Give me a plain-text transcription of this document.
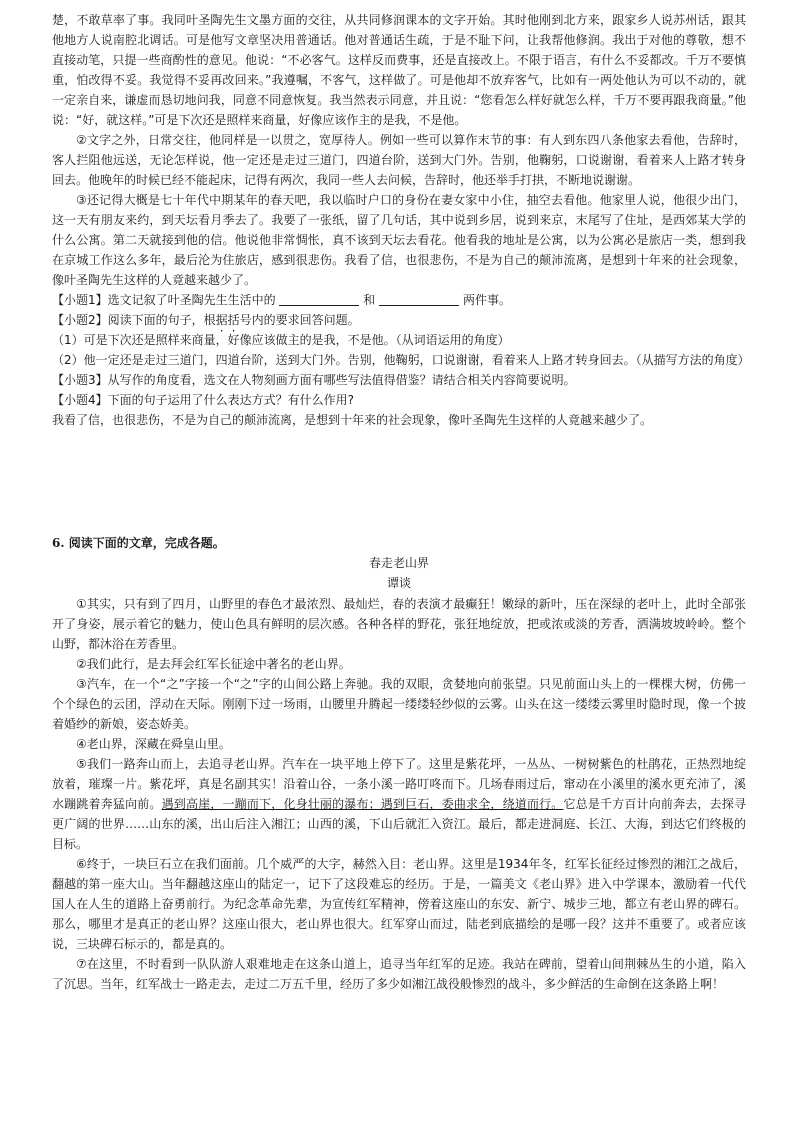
楚，不敢草率了事。我同叶圣陶先生文墨方面的交往，从共同修润课本的文字开始。其时他刚到北方来，跟家乡人说苏州话，跟其他地方人说南腔北调话。可是他写文章坚决用普通话。他对普通话生疏，于是不耻下问，让我帮他修润。我出于对他的尊敬，想不直接动笔，只提一些商酌性的意见。他说：“不必客气。这样反而费事，还是直接改上。不限于语言，有什么不妥都改。千万不要慎重，怕改得不妥。我觉得不妥再改回来。”我遵嘱，不客气，这样做了。可是他却不放弃客气，比如有一两处他认为可以不动的，就一定亲自来，谦虚而恳切地问我，同意不同意恢复。我当然表示同意，并且说：“您看怎么样好就怎么样，千万不要再跟我商量。”他说：“好，就这样。”可是下次还是照样来商量，好像应该作主的是我，不是他。

②文字之外，日常交往，他同样是一以贯之，宽厚待人。例如一些可以算作末节的事：有人到东四八条他家去看他，告辞时，客人拦阻他远送，无论怎样说，他一定还是走过三道门，四道台阶，送到大门外。告别，他鞠躬，口说谢谢，看着来人上路才转身回去。他晚年的时候已经不能起床，记得有两次，我同一些人去问候，告辞时，他还举手打拱，不断地说谢谢。

③还记得大概是七十年代中期某年的春天吧，我以临时户口的身份在妻女家中小住，抽空去看他。他家里人说，他很少出门，这一天有朋友来约，到天坛看月季去了。我要了一张纸，留了几句话，其中说到乡居，说到来京，末尾写了住址，是西郊某大学的什么公寓。第二天就接到他的信。他说他非常惆怅，真不该到天坛去看花。他看我的地址是公寓，以为公寓必是旅店一类，想到我在京城工作这么多年，最后沦为住旅店，感到很悲伤。我看了信，也很悲伤，不是为自己的颠沛流离，是想到十年来的社会现象，像叶圣陶先生这样的人竟越来越少了。

【小题1】选文记叙了叶圣陶先生生活中的	和	两件事。

【小题2】阅读下面的句子，根据括号内的要求回答问题。

（1）可是下次还是照样来商量，好像应该做主的是我，不是他。（从词语运用的角度）

（2）他一定还是走过三道门，四道台阶，送到大门外。告别，他鞠躬，口说谢谢，看着来人上路才转身回去。（从描写方法的角度）

【小题3】从写作的角度看，选文在人物刻画方面有哪些写法值得借鉴？请结合相关内容简要说明。

【小题4】下面的句子运用了什么表达方式？有什么作用?

我看了信，也很悲伤，不是为自己的颠沛流离，是想到十年来的社会现象，像叶圣陶先生这样的人竟越来越少了。

6. 阅读下面的文章，完成各题。
春走老山界
谭谈

①其实，只有到了四月，山野里的春色才最浓烈、最灿烂，春的表演才最癫狂！嫩绿的新叶，压在深绿的老叶上，此时全部张开了身姿，展示着它的魅力，使山色具有鲜明的层次感。各种各样的野花，张狂地绽放，把或浓或淡的芳香，洒满坡坡岭岭。整个山野，都沐浴在芳香里。

②我们此行，是去拜会红军长征途中著名的老山界。

③汽车，在一个“之”字接一个“之”字的山间公路上奔驰。我的双眼，贪婪地向前张望。只见前面山头上的一棵棵大树，仿佛一个个绿色的云团，浮动在天际。刚刚下过一场雨，山腰里升腾起一缕缕轻纱似的云雾。山头在这一缕缕云雾里时隐时现，像一个披着婚纱的新娘，姿态娇美。

④老山界，深藏在舜皇山里。

⑤我们一路奔山而上，去追寻老山界。汽车在一块平地上停下了。这里是紫花坪，一丛丛、一树树紫色的杜鹃花，正热烈地绽放着，璀璨一片。紫花坪，真是名副其实！沿着山谷，一条小溪一路叮咚而下。几场春雨过后，窜动在小溪里的溪水更充沛了，溪水蹦跳着奔猛向前。遇到高崖，一蹦而下，化身壮丽的瀑布；遇到巨石，委曲求全，绕道而行。它总是千方百计向前奔去，去探寻更广阔的世界……山东的溪，出山后注入湘江；山西的溪，下山后就汇入资江。最后，都走进洞庭、长江、大海，到达它们终极的目标。

⑥终于，一块巨石立在我们面前。几个威严的大字，赫然入目：老山界。这里是1934年冬，红军长征经过惨烈的湘江之战后，翻越的第一座大山。当年翻越这座山的陆定一，记下了这段难忘的经历。于是，一篇美文《老山界》进入中学课本，激励着一代代国人在人生的道路上奋勇前行。为纪念革命先辈，为宣传红军精神，傍着这座山的东安、新宁、城步三地，都立有老山界的碑石。那么，哪里才是真正的老山界？这座山很大，老山界也很大。红军穿山而过，陆老到底描绘的是哪一段？这并不重要了。或者应该说，三块碑石标示的，都是真的。

⑦在这里，不时看到一队队游人艰难地走在这条山道上，追寻当年红军的足迹。我站在碑前，望着山间荆棘丛生的小道，陷入了沉思。当年，红军战士一路走去，走过二万五千里，经历了多少如湘江战役般惨烈的战斗，多少鲜活的生命倒在这条路上啊！
